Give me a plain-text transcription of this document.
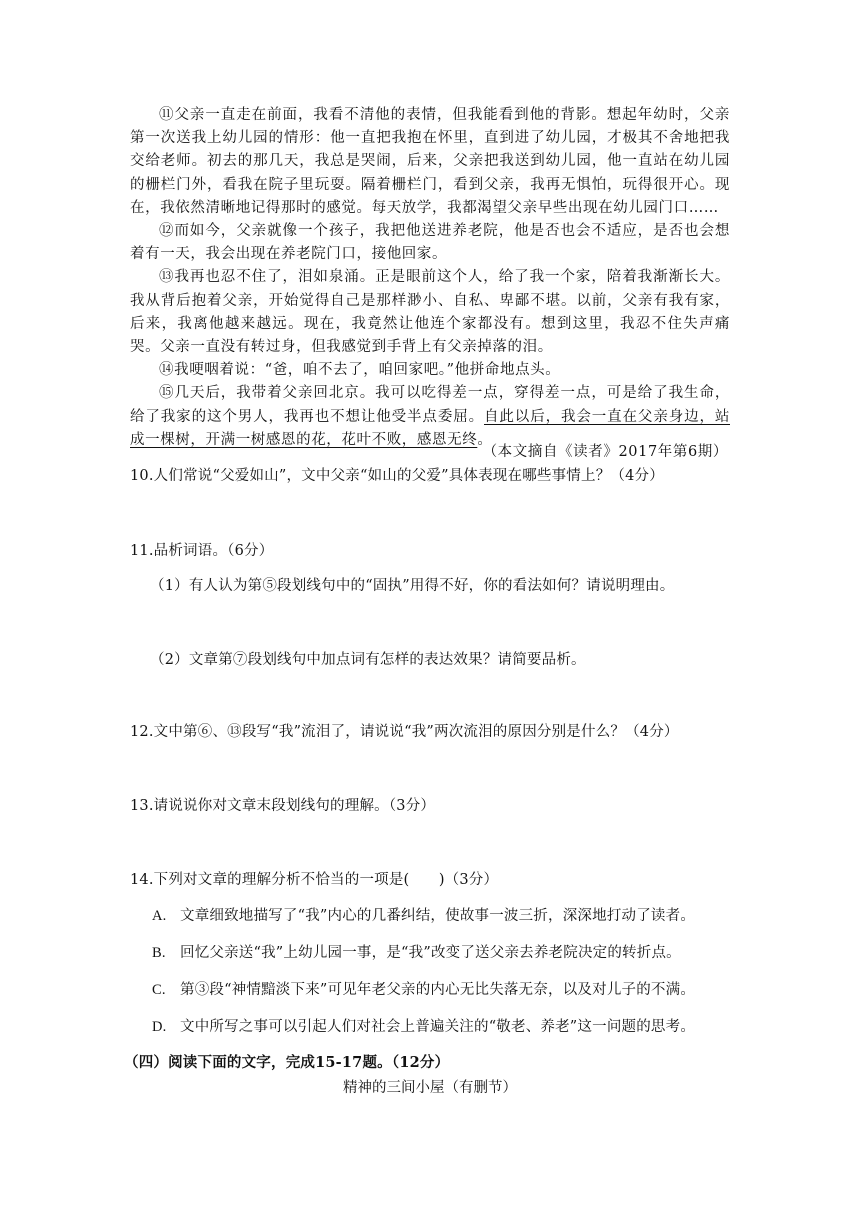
⑪父亲一直走在前面，我看不清他的表情，但我能看到他的背影。想起年幼时，父亲第一次送我上幼儿园的情形：他一直把我抱在怀里，直到进了幼儿园，才极其不舍地把我交给老师。初去的那几天，我总是哭闹，后来，父亲把我送到幼儿园，他一直站在幼儿园的栅栏门外，看我在院子里玩耍。隔着栅栏门，看到父亲，我再无惧怕，玩得很开心。现在，我依然清晰地记得那时的感觉。每天放学，我都渴望父亲早些出现在幼儿园门口……

⑫而如今，父亲就像一个孩子，我把他送进养老院，他是否也会不适应，是否也会想着有一天，我会出现在养老院门口，接他回家。

⑬我再也忍不住了，泪如泉涌。正是眼前这个人，给了我一个家，陪着我渐渐长大。我从背后抱着父亲，开始觉得自己是那样渺小、自私、卑鄙不堪。以前，父亲有我有家，后来，我离他越来越远。现在，我竟然让他连个家都没有。想到这里，我忍不住失声痛哭。父亲一直没有转过身，但我感觉到手背上有父亲掉落的泪。

⑭我哽咽着说：“爸，咱不去了，咱回家吧。”他拼命地点头。

⑮几天后，我带着父亲回北京。我可以吃得差一点，穿得差一点，可是给了我生命，给了我家的这个男人，我再也不想让他受半点委屈。自此以后，我会一直在父亲身边，站成一棵树，开满一树感恩的花，花叶不败，感恩无终。

（本文摘自《读者》2017年第6期）
10.人们常说“父爱如山”，文中父亲“如山的父爱”具体表现在哪些事情上？（4分）
11.品析词语。（6分）
（1）有人认为第⑤段划线句中的“固执”用得不好，你的看法如何？请说明理由。
（2）文章第⑦段划线句中加点词有怎样的表达效果？请简要品析。
12.文中第⑥、⑬段写“我”流泪了，请说说“我”两次流泪的原因分别是什么？（4分）
13.请说说你对文章末段划线句的理解。（3分）
14.下列对文章的理解分析不恰当的一项是(　　)（3分）
A. 文章细致地描写了“我”内心的几番纠结，使故事一波三折，深深地打动了读者。
B. 回忆父亲送“我”上幼儿园一事，是“我”改变了送父亲去养老院决定的转折点。
C. 第③段“神情黯淡下来”可见年老父亲的内心无比失落无奈，以及对儿子的不满。
D. 文中所写之事可以引起人们对社会上普遍关注的“敬老、养老”这一问题的思考。
（四）阅读下面的文字，完成15-17题。（12分）
精神的三间小屋（有删节）
